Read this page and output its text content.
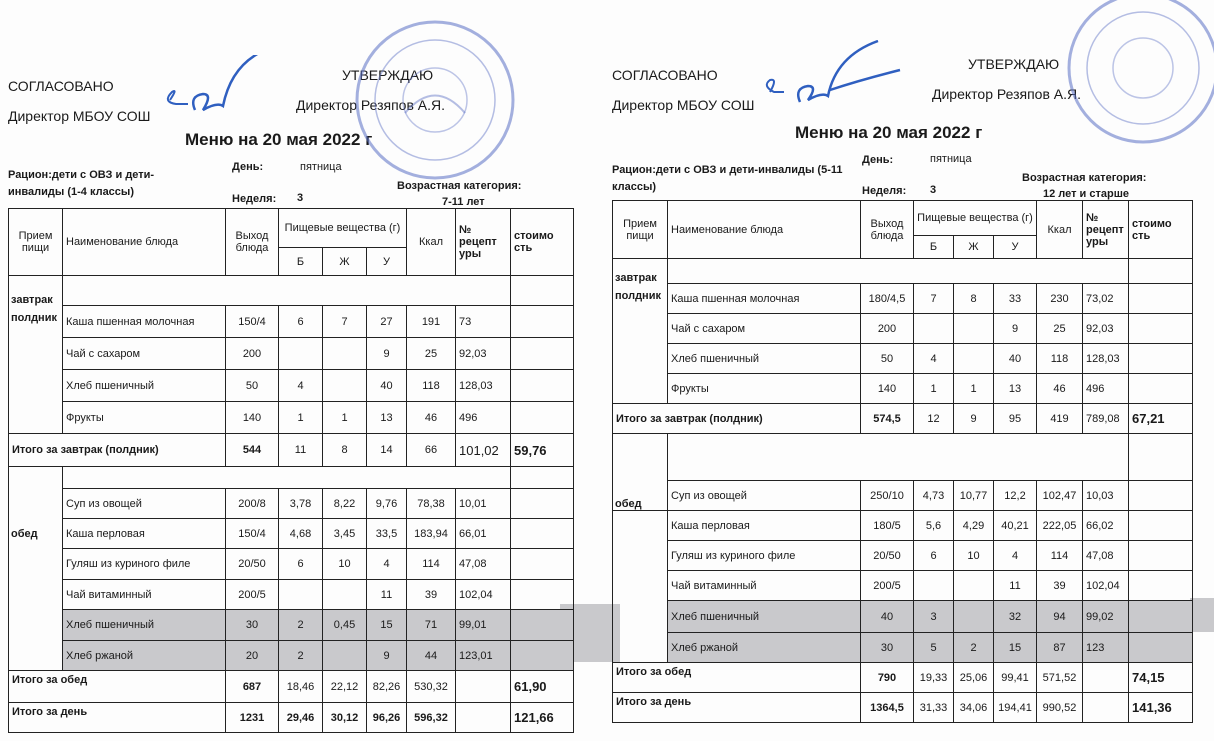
СОГЛАСОВАНО
Директор МБОУ СОШ
УТВЕРЖДАЮ
Директор Резяпов А.Я.
Меню на 20 мая 2022 г
Рацион:дети с ОВЗ и дети-инвалиды (1-4 классы)
День:	пятница
Неделя: 3
Возрастная категория:
7-11 лет
СОГЛАСОВАНО
Директор МБОУ СОШ
УТВЕРЖДАЮ
Директор Резяпов А.Я.
Меню на 20 мая 2022 г
Рацион:дети с ОВЗ и дети-инвалиды (5-11 классы)
День:	пятница
Неделя: 3
Возрастная категория:
12 лет и старше
Прием пищи	Наименование блюда	Выход блюда	Пищевые вещества (г)			Ккал	№ рецепт уры	стоимо сть
			Б	Ж	У			
завтрак								
полдник	Каша пшенная молочная	150/4	6	7	27	191	73	
	Чай с сахаром	200			9	25	92,03	
	Хлеб пшеничный	50	4		40	118	128,03	
	Фрукты	140	1	1	13	46	496	
Итого за завтрак (полдник)		544	11	8	14	66	101,02	59,76

	Суп из овощей	200/8	3,78	8,22	9,76	78,38	10,01	
обед	Каша перловая	150/4	4,68	3,45	33,5	183,94	66,01	
	Гуляш из куриного филе	20/50	6	10	4	114	47,08	
	Чай витаминный	200/5			11	39	102,04	
	Хлеб пшеничный	30	2	0,45	15	71	99,01	
	Хлеб ржаной	20	2		9	44	123,01	
Итого за обед		687	18,46	22,12	82,26	530,32		61,90
Итого за день		1231	29,46	30,12	96,26	596,32		121,66
Прием пищи	Наименование блюда	Выход блюда	Пищевые вещества (г)			Ккал	№ рецепт уры	стоимо сть
			Б	Ж	У			
завтрак								
полдник	Каша пшенная молочная	180/4,5	7	8	33	230	73,02	
	Чай с сахаром	200			9	25	92,03	
	Хлеб пшеничный	50	4		40	118	128,03	
	Фрукты	140	1	1	13	46	496	
Итого за завтрак (полдник)		574,5	12	9	95	419	789,08	67,21

обед	Суп из овощей	250/10	4,73	10,77	12,2	102,47	10,03	
	Каша перловая	180/5	5,6	4,29	40,21	222,05	66,02	
	Гуляш из куриного филе	20/50	6	10	4	114	47,08	
	Чай витаминный	200/5			11	39	102,04	
	Хлеб пшеничный	40	3		32	94	99,02	
	Хлеб ржаной	30	5	2	15	87	123	
Итого за обед		790	19,33	25,06	99,41	571,52		74,15
Итого за день		1364,5	31,33	34,06	194,41	990,52		141,36
